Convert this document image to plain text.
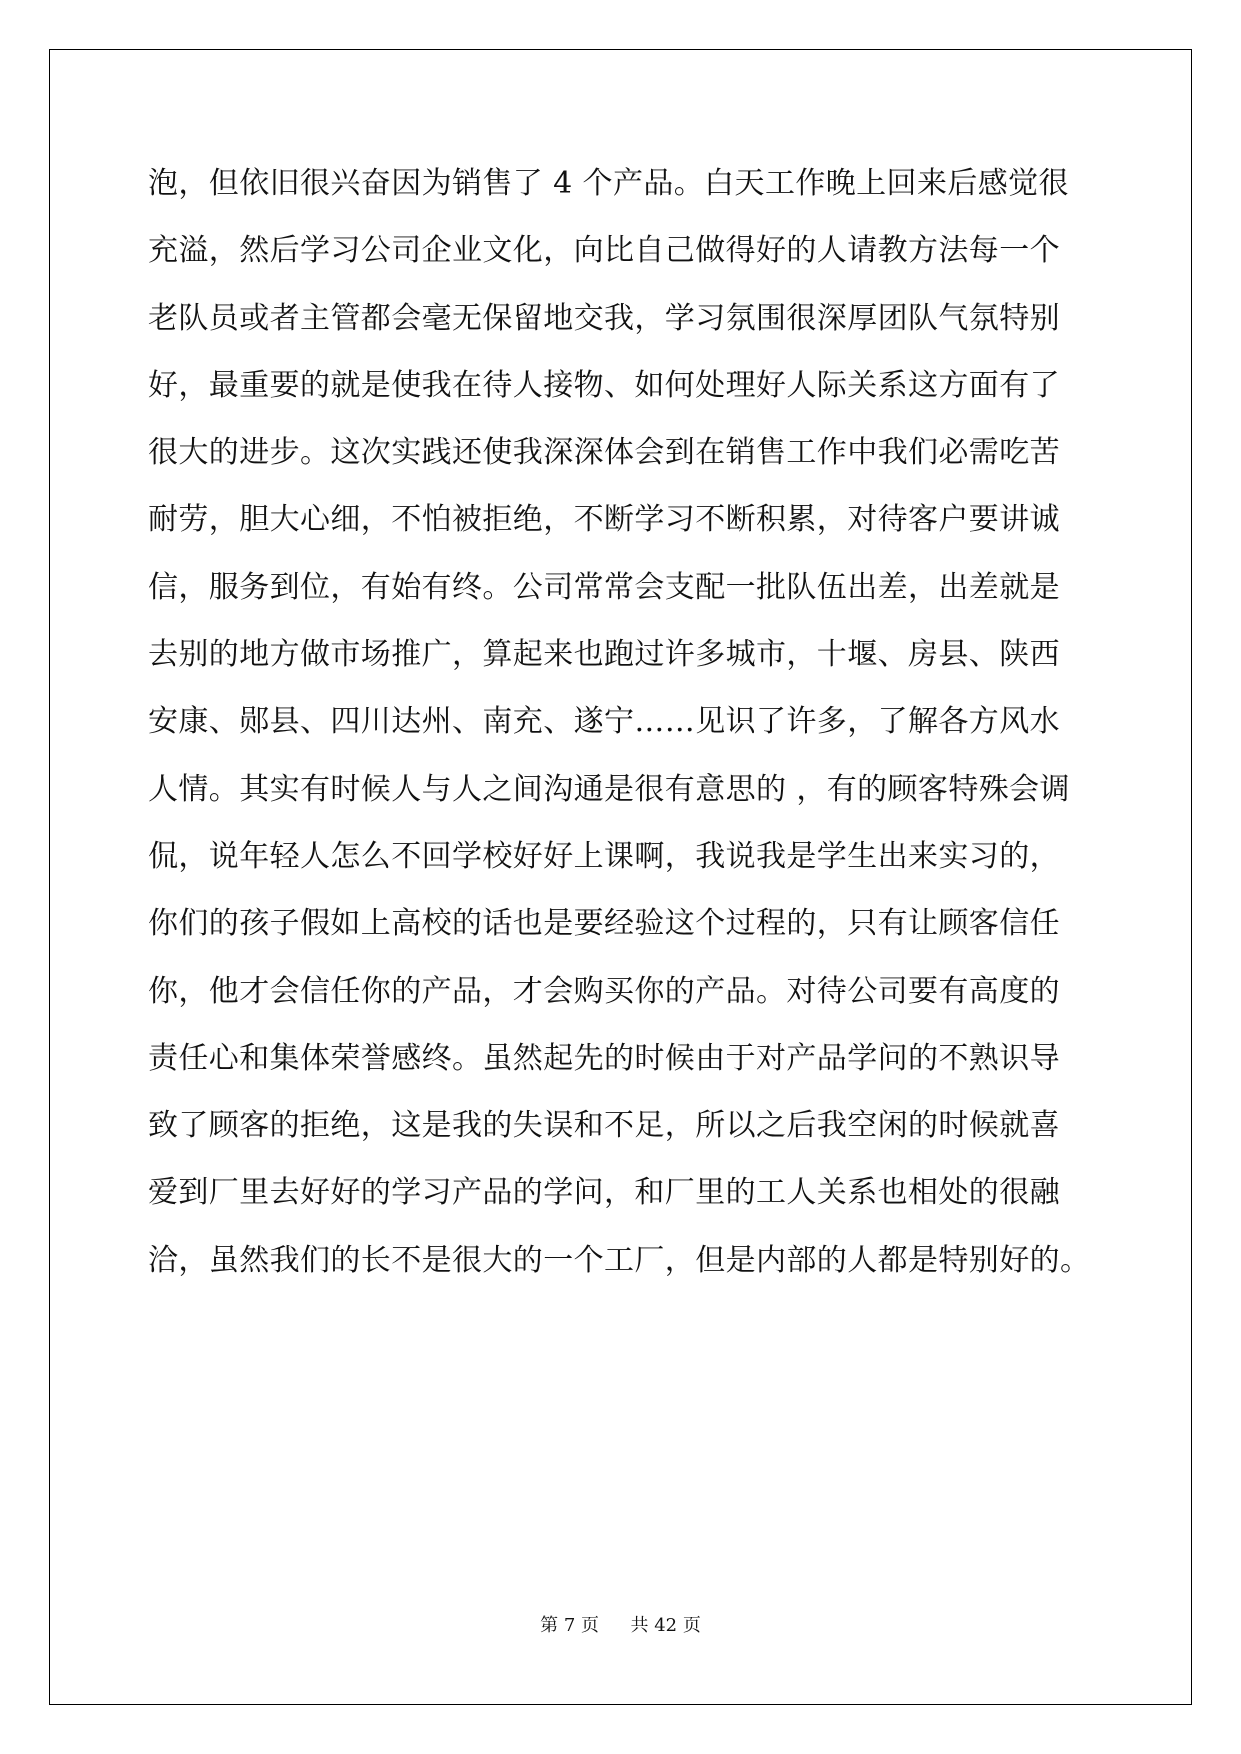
泡，但依旧很兴奋因为销售了 4 个产品。白天工作晚上回来后感觉很
充溢，然后学习公司企业文化，向比自己做得好的人请教方法每一个
老队员或者主管都会毫无保留地交我，学习氛围很深厚团队气氛特别
好，最重要的就是使我在待人接物、如何处理好人际关系这方面有了
很大的进步。这次实践还使我深深体会到在销售工作中我们必需吃苦
耐劳，胆大心细，不怕被拒绝，不断学习不断积累，对待客户要讲诚
信，服务到位，有始有终。公司常常会支配一批队伍出差，出差就是
去别的地方做市场推广，算起来也跑过许多城市，十堰、房县、陕西
安康、郧县、四川达州、南充、遂宁……见识了许多，了解各方风水
人情。其实有时候人与人之间沟通是很有意思的 ，有的顾客特殊会调
侃，说年轻人怎么不回学校好好上课啊，我说我是学生出来实习的，
你们的孩子假如上高校的话也是要经验这个过程的，只有让顾客信任
你，他才会信任你的产品，才会购买你的产品。对待公司要有高度的
责任心和集体荣誉感终。虽然起先的时候由于对产品学问的不熟识导
致了顾客的拒绝，这是我的失误和不足，所以之后我空闲的时候就喜
爱到厂里去好好的学习产品的学问，和厂里的工人关系也相处的很融
洽，虽然我们的长不是很大的一个工厂，但是内部的人都是特别好的。
第 7 页 共 42 页
